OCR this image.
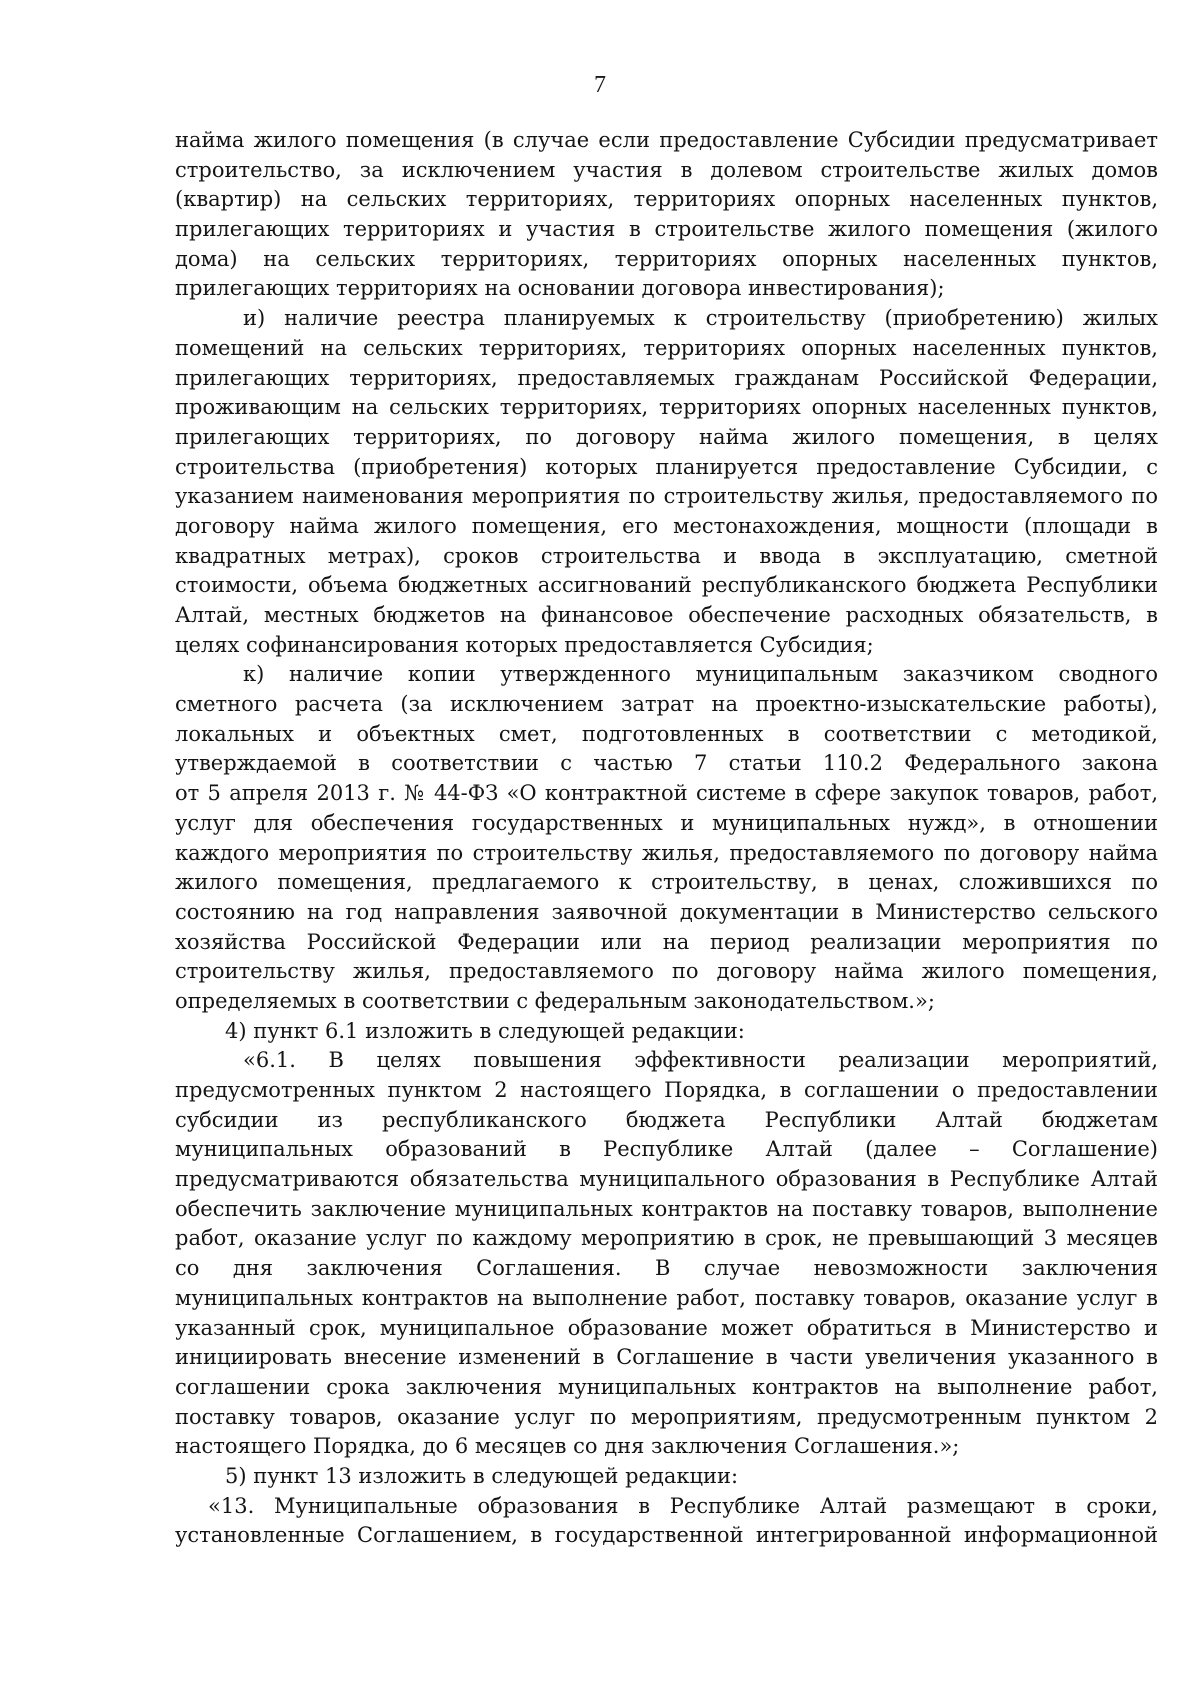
7
найма жилого помещения (в случае если предоставление Субсидии предусматривает
строительство, за исключением участия в долевом строительстве жилых домов
(квартир) на сельских территориях, территориях опорных населенных пунктов,
прилегающих территориях и участия в строительстве жилого помещения (жилого
дома) на сельских территориях, территориях опорных населенных пунктов,
прилегающих территориях на основании договора инвестирования);
и) наличие реестра планируемых к строительству (приобретению) жилых
помещений на сельских территориях, территориях опорных населенных пунктов,
прилегающих территориях, предоставляемых гражданам Российской Федерации,
проживающим на сельских территориях, территориях опорных населенных пунктов,
прилегающих территориях, по договору найма жилого помещения, в целях
строительства (приобретения) которых планируется предоставление Субсидии, с
указанием наименования мероприятия по строительству жилья, предоставляемого по
договору найма жилого помещения, его местонахождения, мощности (площади в
квадратных метрах), сроков строительства и ввода в эксплуатацию, сметной
стоимости, объема бюджетных ассигнований республиканского бюджета Республики
Алтай, местных бюджетов на финансовое обеспечение расходных обязательств, в
целях софинансирования которых предоставляется Субсидия;
к) наличие копии утвержденного муниципальным заказчиком сводного
сметного расчета (за исключением затрат на проектно-изыскательские работы),
локальных и объектных смет, подготовленных в соответствии с методикой,
утверждаемой в соответствии с частью 7 статьи 110.2 Федерального закона
от 5 апреля 2013 г. № 44-ФЗ «О контрактной системе в сфере закупок товаров, работ,
услуг для обеспечения государственных и муниципальных нужд», в отношении
каждого мероприятия по строительству жилья, предоставляемого по договору найма
жилого помещения, предлагаемого к строительству, в ценах, сложившихся по
состоянию на год направления заявочной документации в Министерство сельского
хозяйства Российской Федерации или на период реализации мероприятия по
строительству жилья, предоставляемого по договору найма жилого помещения,
определяемых в соответствии с федеральным законодательством.»;
4) пункт 6.1 изложить в следующей редакции:
«6.1. В целях повышения эффективности реализации мероприятий,
предусмотренных пунктом 2 настоящего Порядка, в соглашении о предоставлении
субсидии из республиканского бюджета Республики Алтай бюджетам
муниципальных образований в Республике Алтай (далее – Соглашение)
предусматриваются обязательства муниципального образования в Республике Алтай
обеспечить заключение муниципальных контрактов на поставку товаров, выполнение
работ, оказание услуг по каждому мероприятию в срок, не превышающий 3 месяцев
со дня заключения Соглашения. В случае невозможности заключения
муниципальных контрактов на выполнение работ, поставку товаров, оказание услуг в
указанный срок, муниципальное образование может обратиться в Министерство и
инициировать внесение изменений в Соглашение в части увеличения указанного в
соглашении срока заключения муниципальных контрактов на выполнение работ,
поставку товаров, оказание услуг по мероприятиям, предусмотренным пунктом 2
настоящего Порядка, до 6 месяцев со дня заключения Соглашения.»;
5) пункт 13 изложить в следующей редакции:
«13. Муниципальные образования в Республике Алтай размещают в сроки,
установленные Соглашением, в государственной интегрированной информационной
